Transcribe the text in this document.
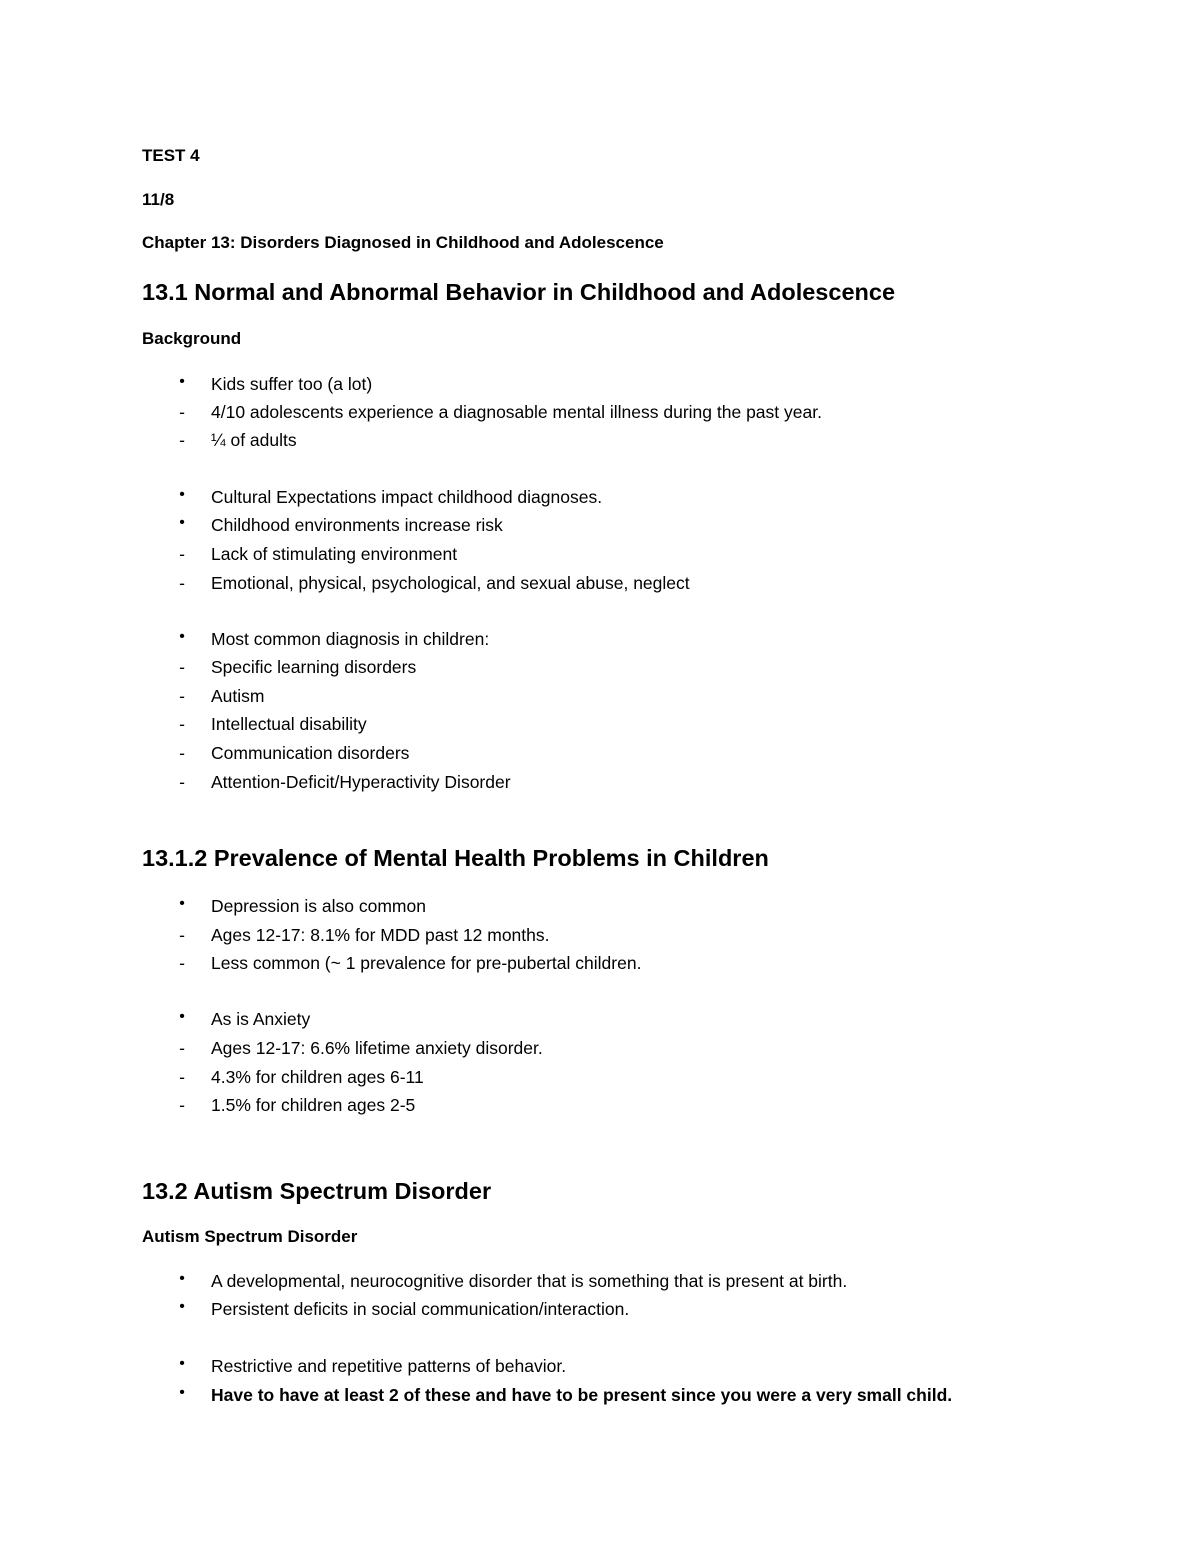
TEST 4
11/8
Chapter 13: Disorders Diagnosed in Childhood and Adolescence
13.1 Normal and Abnormal Behavior in Childhood and Adolescence
Background
•	Kids suffer too (a lot)
-	4/10 adolescents experience a diagnosable mental illness during the past year.
-	¼ of adults
•	Cultural Expectations impact childhood diagnoses.
•	Childhood environments increase risk
-	Lack of stimulating environment
-	Emotional, physical, psychological, and sexual abuse, neglect
•	Most common diagnosis in children:
-	Specific learning disorders
-	Autism
-	Intellectual disability
-	Communication disorders
-	Attention-Deficit/Hyperactivity Disorder
13.1.2 Prevalence of Mental Health Problems in Children
•	Depression is also common
-	Ages 12-17: 8.1% for MDD past 12 months.
-	Less common (~ 1 prevalence for pre-pubertal children.
•	As is Anxiety
-	Ages 12-17: 6.6% lifetime anxiety disorder.
-	4.3% for children ages 6-11
-	1.5% for children ages 2-5
13.2 Autism Spectrum Disorder
Autism Spectrum Disorder
•	A developmental, neurocognitive disorder that is something that is present at birth.
•	Persistent deficits in social communication/interaction.
•	Restrictive and repetitive patterns of behavior.
•	Have to have at least 2 of these and have to be present since you were a very small child.
